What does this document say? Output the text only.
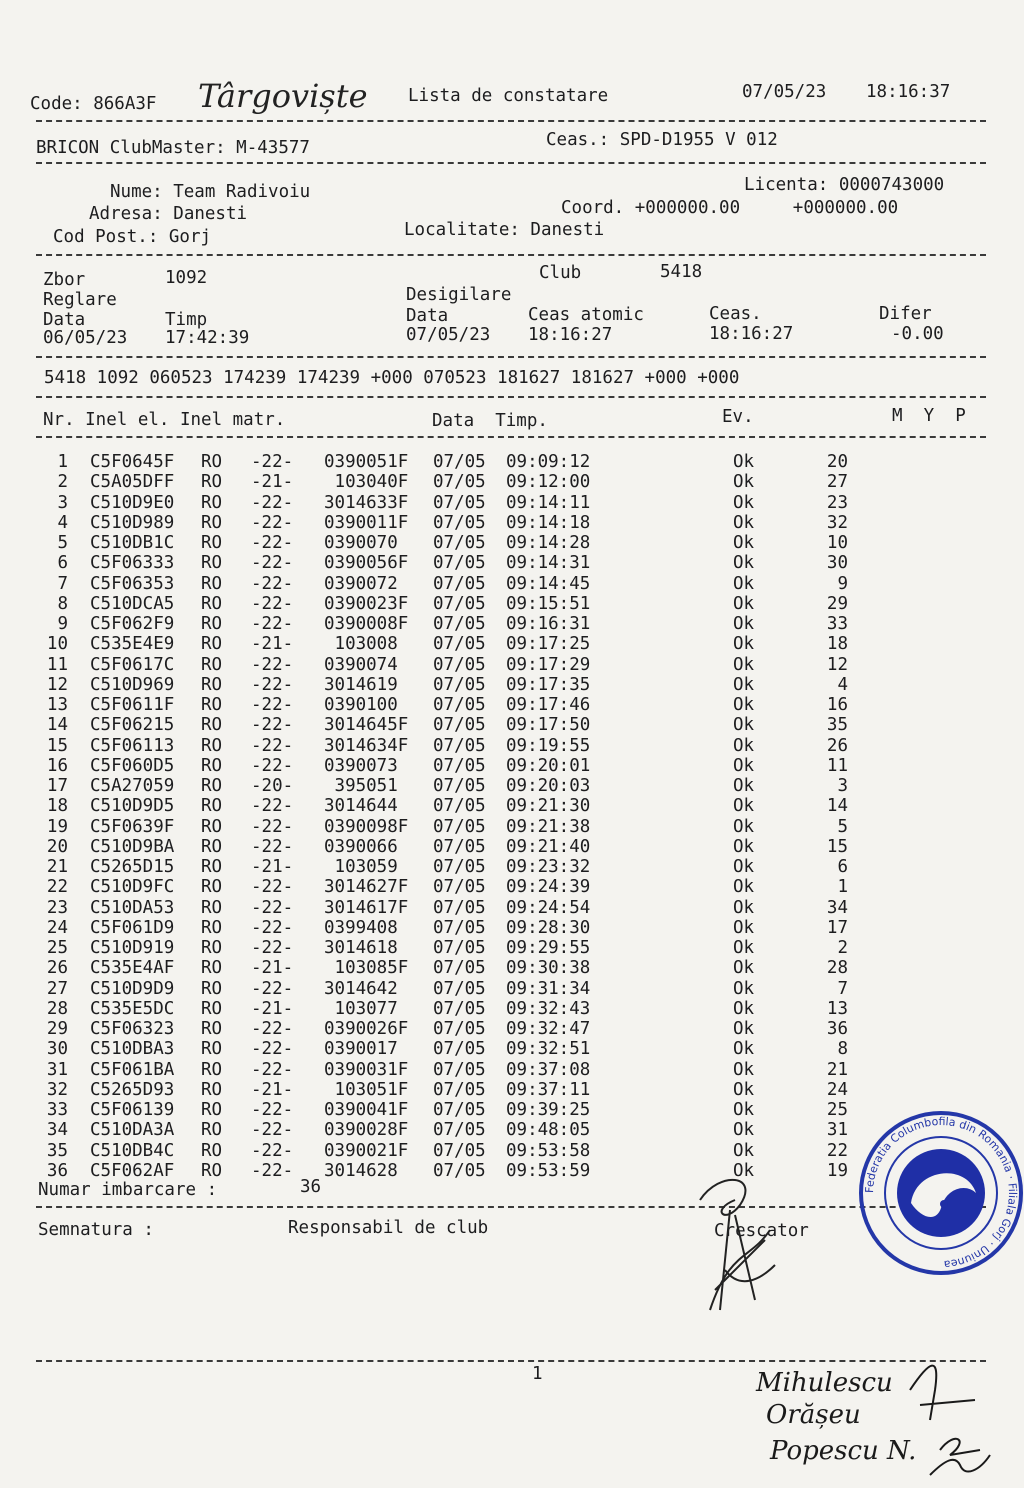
Code: 866A3F Târgoviște Lista de constatare	07/05/23 18:16:37
BRICON ClubMaster: M-43577	Ceas.: SPD-D1955 V 012
Nume: Team Radivoiu
Adresa: Danesti
Cod Post.: Gorj
Licenta: 0000743000
Coord. +000000.00     +000000.00
Localitate: Danesti
Zbor	1092	Club	5418
Reglare	Desigilare
Data	Timp	Data	Ceas atomic	Ceas.	Difer
06/05/23 17:42:39	07/05/23 18:16:27	18:16:27	-0.00
5418 1092 060523 174239 174239 +000 070523 181627 181627 +000 +000
Nr. Inel el. Inel matr.	Data  Timp.	Ev.	M  Y  P
1 C5F0645F RO -22- 0390051F 07/05 09:09:12	Ok	20
2 C5A05DFF RO -21- 103040F 07/05 09:12:00	Ok	27
3 C510D9E0 RO -22- 3014633F 07/05 09:14:11	Ok	23
4 C510D989 RO -22- 0390011F 07/05 09:14:18	Ok	32
5 C510DB1C RO -22- 0390070 07/05 09:14:28	Ok	10
6 C5F06333 RO -22- 0390056F 07/05 09:14:31	Ok	30
7 C5F06353 RO -22- 0390072 07/05 09:14:45	Ok	9
8 C510DCA5 RO -22- 0390023F 07/05 09:15:51	Ok	29
9 C5F062F9 RO -22- 0390008F 07/05 09:16:31	Ok	33
10 C535E4E9 RO -21- 103008 07/05 09:17:25	Ok	18
11 C5F0617C RO -22- 0390074 07/05 09:17:29	Ok	12
12 C510D969 RO -22- 3014619 07/05 09:17:35	Ok	4
13 C5F0611F RO -22- 0390100 07/05 09:17:46	Ok	16
14 C5F06215 RO -22- 3014645F 07/05 09:17:50	Ok	35
15 C5F06113 RO -22- 3014634F 07/05 09:19:55	Ok	26
16 C5F060D5 RO -22- 0390073 07/05 09:20:01	Ok	11
17 C5A27059 RO -20- 395051 07/05 09:20:03	Ok	3
18 C510D9D5 RO -22- 3014644 07/05 09:21:30	Ok	14
19 C5F0639F RO -22- 0390098F 07/05 09:21:38	Ok	5
20 C510D9BA RO -22- 0390066 07/05 09:21:40	Ok	15
21 C5265D15 RO -21- 103059 07/05 09:23:32	Ok	6
22 C510D9FC RO -22- 3014627F 07/05 09:24:39	Ok	1
23 C510DA53 RO -22- 3014617F 07/05 09:24:54	Ok	34
24 C5F061D9 RO -22- 0399408 07/05 09:28:30	Ok	17
25 C510D919 RO -22- 3014618 07/05 09:29:55	Ok	2
26 C535E4AF RO -21- 103085F 07/05 09:30:38	Ok	28
27 C510D9D9 RO -22- 3014642 07/05 09:31:34	Ok	7
28 C535E5DC RO -21- 103077 07/05 09:32:43	Ok	13
29 C5F06323 RO -22- 0390026F 07/05 09:32:47	Ok	36
30 C510DBA3 RO -22- 0390017 07/05 09:32:51	Ok	8
31 C5F061BA RO -22- 0390031F 07/05 09:37:08	Ok	21
32 C5265D93 RO -21- 103051F 07/05 09:37:11	Ok	24
33 C5F06139 RO -22- 0390041F 07/05 09:39:25	Ok	25
34 C510DA3A RO -22- 0390028F 07/05 09:48:05	Ok	31
35 C510DB4C RO -22- 0390021F 07/05 09:53:58	Ok	22
36 C5F062AF RO -22- 3014628 07/05 09:53:59	Ok	19
Numar imbarcare :	36
Semnatura :	Responsabil de club	Crescator
1
Federatia Columbofila din Romania · Filiala Gorj · Uniunea
Mihulescu
Orășeu
Popescu N.
